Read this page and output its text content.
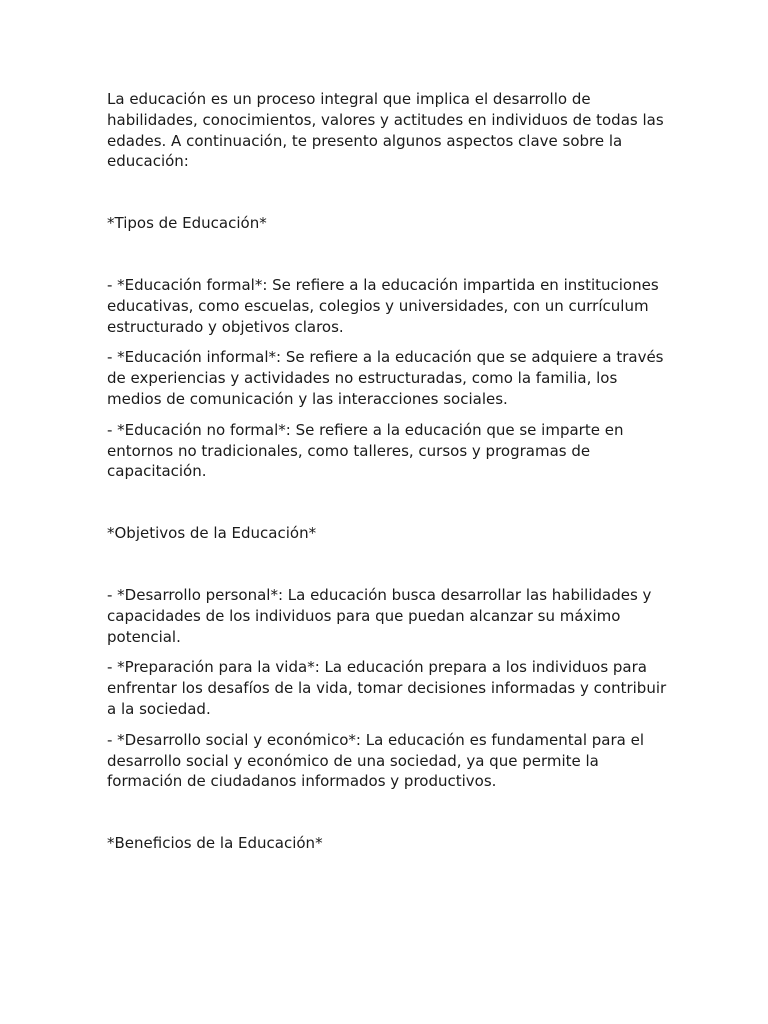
La educación es un proceso integral que implica el desarrollo de habilidades, conocimientos, valores y actitudes en individuos de todas las edades. A continuación, te presento algunos aspectos clave sobre la educación:

*Tipos de Educación*

- *Educación formal*: Se refiere a la educación impartida en instituciones educativas, como escuelas, colegios y universidades, con un currículum estructurado y objetivos claros.

- *Educación informal*: Se refiere a la educación que se adquiere a través de experiencias y actividades no estructuradas, como la familia, los medios de comunicación y las interacciones sociales.

- *Educación no formal*: Se refiere a la educación que se imparte en entornos no tradicionales, como talleres, cursos y programas de capacitación.

*Objetivos de la Educación*

- *Desarrollo personal*: La educación busca desarrollar las habilidades y capacidades de los individuos para que puedan alcanzar su máximo potencial.

- *Preparación para la vida*: La educación prepara a los individuos para enfrentar los desafíos de la vida, tomar decisiones informadas y contribuir a la sociedad.

- *Desarrollo social y económico*: La educación es fundamental para el desarrollo social y económico de una sociedad, ya que permite la formación de ciudadanos informados y productivos.

*Beneficios de la Educación*
